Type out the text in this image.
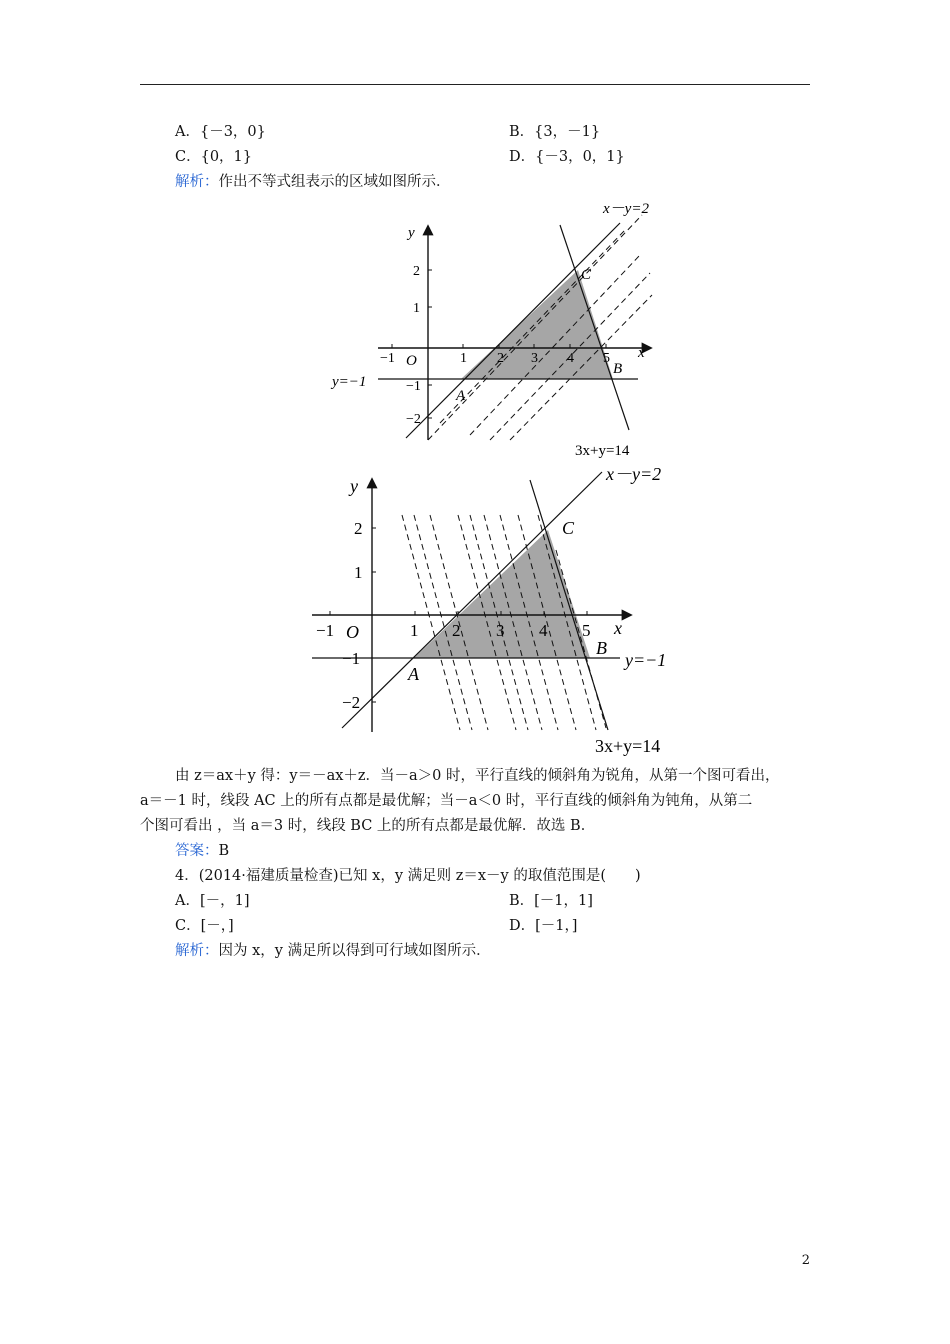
A．{－3，0}	B．{3，－1}
C．{0，1}	D．{－3，0，1}
解析：作出不等式组表示的区域如图所示．
x－y=2
3x+y=14
y=−1
x
y
O
A
B
C
−1	1 2 3 4 5
2
1
−1
−2
x－y=2
3x+y=14
y=−1
x
y
O
A
B
C
−1	1 2 3 4 5
2
1
−1
−2
由 z＝ax＋y 得：y＝－ax＋z．当－a＞0 时，平行直线的倾斜角为锐角，从第一个图可看出，
a＝－1 时，线段 AC 上的所有点都是最优解；当－a＜0 时，平行直线的倾斜角为钝角，从第二
个图可看出 ，当 a＝3 时，线段 BC 上的所有点都是最优解．故选 B．
答案：B
4．(2014·福建质量检查)已知 x，y 满足则 z＝x－y 的取值范围是(　　)
A．[－，1]	B．[－1，1]
C．[－，]	D．[－1，]
解析：因为 x，y 满足所以得到可行域如图所示．
2
